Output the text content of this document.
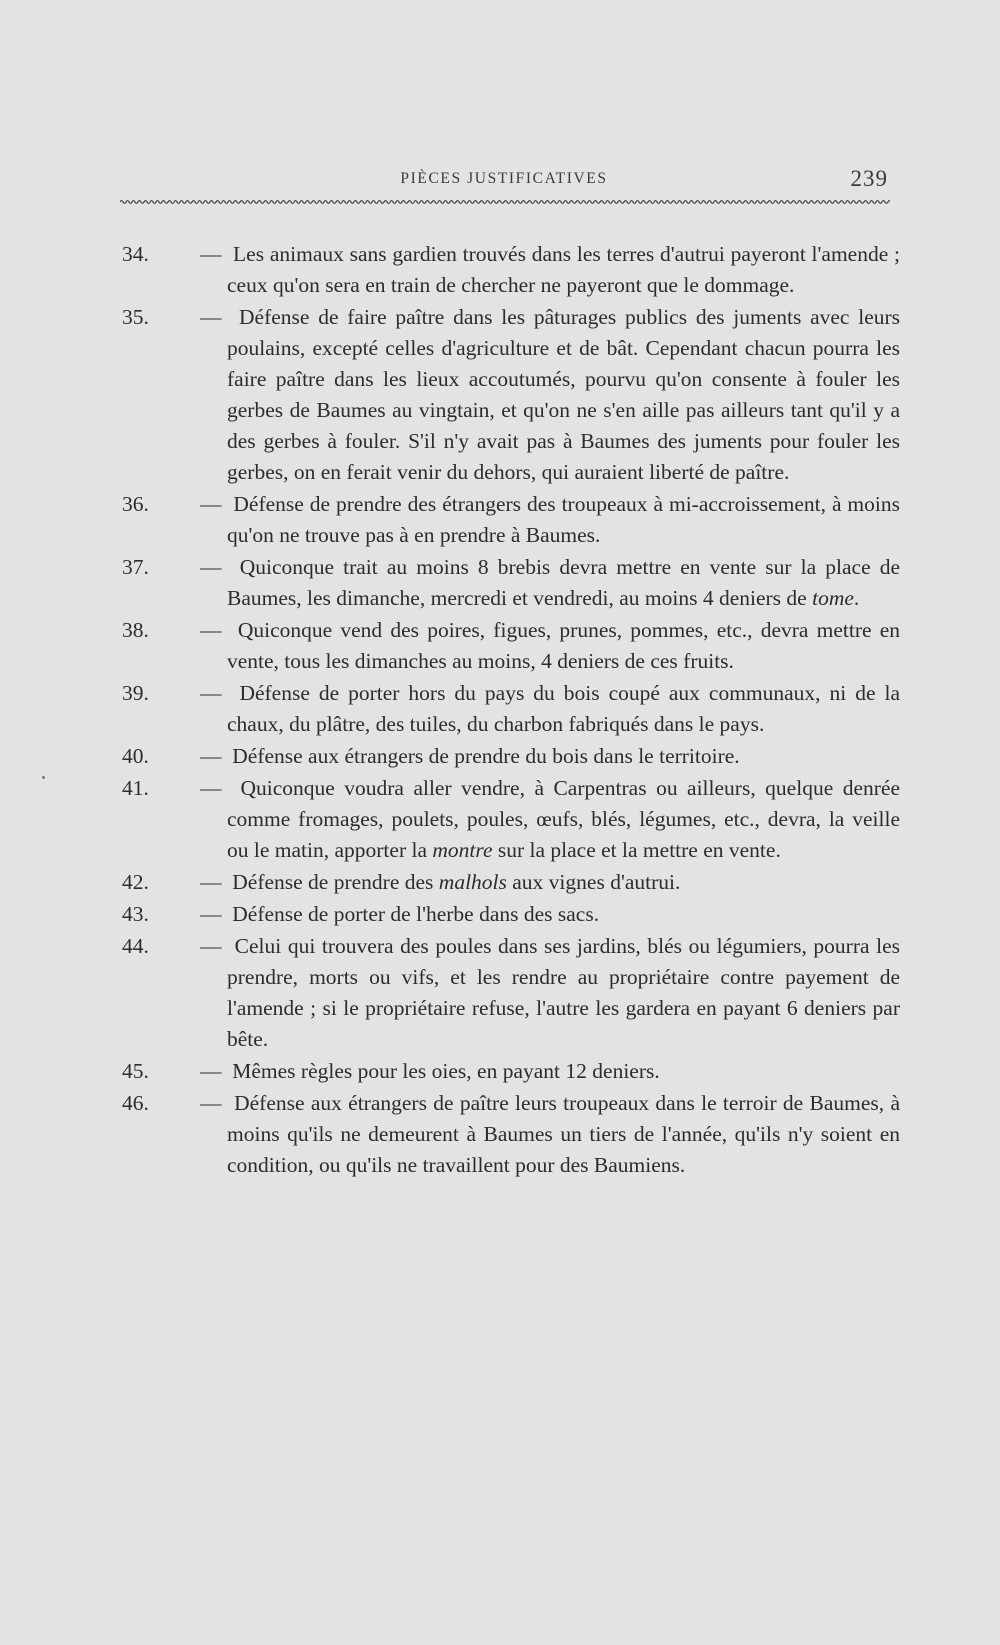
PIÈCES JUSTIFICATIVES	239
34.	— Les animaux sans gardien trouvés dans les terres d'autrui payeront l'amende ; ceux qu'on sera en train de chercher ne payeront que le dommage.
35.	— Défense de faire paître dans les pâturages publics des juments avec leurs poulains, excepté celles d'agriculture et de bât. Cependant chacun pourra les faire paître dans les lieux accoutumés, pourvu qu'on consente à fouler les gerbes de Baumes au vingtain, et qu'on ne s'en aille pas ailleurs tant qu'il y a des gerbes à fouler. S'il n'y avait pas à Baumes des juments pour fouler les gerbes, on en ferait venir du dehors, qui auraient liberté de paître.
36.	— Défense de prendre des étrangers des troupeaux à mi-accroissement, à moins qu'on ne trouve pas à en prendre à Baumes.
37.	— Quiconque trait au moins 8 brebis devra mettre en vente sur la place de Baumes, les dimanche, mercredi et vendredi, au moins 4 deniers de tome.
38.	— Quiconque vend des poires, figues, prunes, pommes, etc., devra mettre en vente, tous les dimanches au moins, 4 deniers de ces fruits.
39.	— Défense de porter hors du pays du bois coupé aux communaux, ni de la chaux, du plâtre, des tuiles, du charbon fabriqués dans le pays.
40.	— Défense aux étrangers de prendre du bois dans le territoire.
41.	— Quiconque voudra aller vendre, à Carpentras ou ailleurs, quelque denrée comme fromages, poulets, poules, œufs, blés, légumes, etc., devra, la veille ou le matin, apporter la montre sur la place et la mettre en vente.
42.	— Défense de prendre des malhols aux vignes d'autrui.
43.	— Défense de porter de l'herbe dans des sacs.
44.	— Celui qui trouvera des poules dans ses jardins, blés ou légumiers, pourra les prendre, morts ou vifs, et les rendre au propriétaire contre payement de l'amende ; si le propriétaire refuse, l'autre les gardera en payant 6 deniers par bête.
45.	— Mêmes règles pour les oies, en payant 12 deniers.
46.	— Défense aux étrangers de paître leurs troupeaux dans le terroir de Baumes, à moins qu'ils ne demeurent à Baumes un tiers de l'année, qu'ils n'y soient en condition, ou qu'ils ne travaillent pour des Baumiens.
